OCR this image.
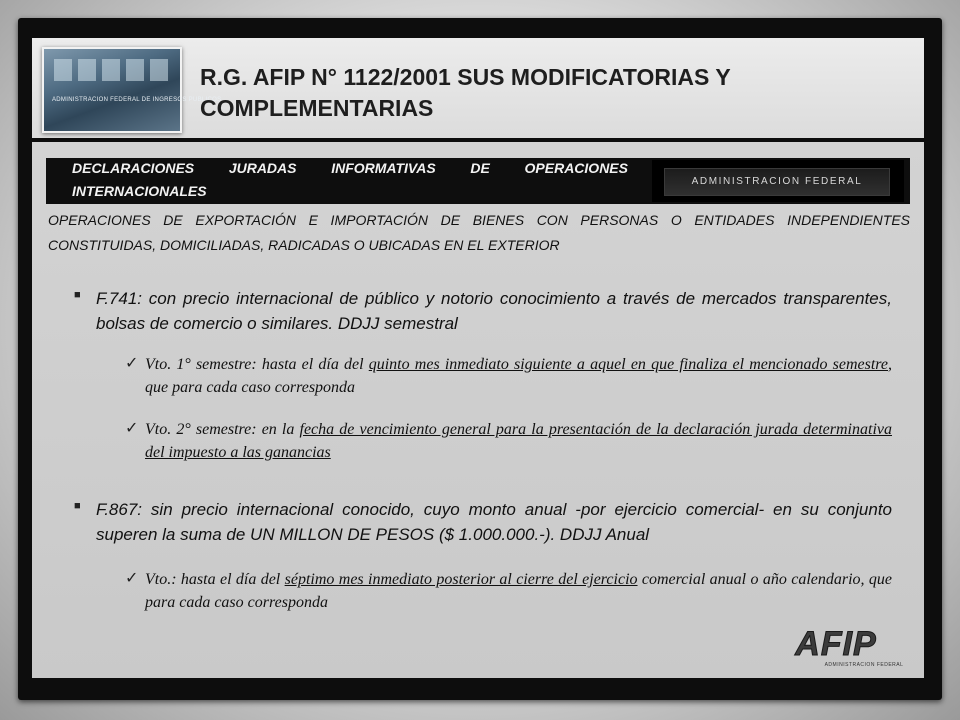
ADMINISTRACION FEDERAL DE INGRESOS PUBLICOS
R.G. AFIP N° 1122/2001 SUS MODIFICATORIAS Y COMPLEMENTARIAS
DECLARACIONES JURADAS INFORMATIVAS DE OPERACIONES INTERNACIONALES
ADMINISTRACION FEDERAL
OPERACIONES DE EXPORTACIÓN E IMPORTACIÓN DE BIENES CON PERSONAS O ENTIDADES INDEPENDIENTES CONSTITUIDAS, DOMICILIADAS, RADICADAS O UBICADAS EN EL EXTERIOR
■ F.741: con precio internacional de público y notorio conocimiento a través de mercados transparentes, bolsas de comercio o similares. DDJJ semestral
✓ Vto. 1° semestre: hasta el día del quinto mes inmediato siguiente a aquel en que finaliza el mencionado semestre, que para cada caso corresponda
✓ Vto. 2° semestre: en la fecha de vencimiento general para la presentación de la declaración jurada determinativa del impuesto a las ganancias
■ F.867: sin precio internacional conocido, cuyo monto anual -por ejercicio comercial- en su conjunto superen la suma de UN MILLON DE PESOS ($ 1.000.000.-). DDJJ Anual
✓ Vto.: hasta el día del séptimo mes inmediato posterior al cierre del ejercicio comercial anual o año calendario, que para cada caso corresponda
AFIP
ADMINISTRACION FEDERAL
